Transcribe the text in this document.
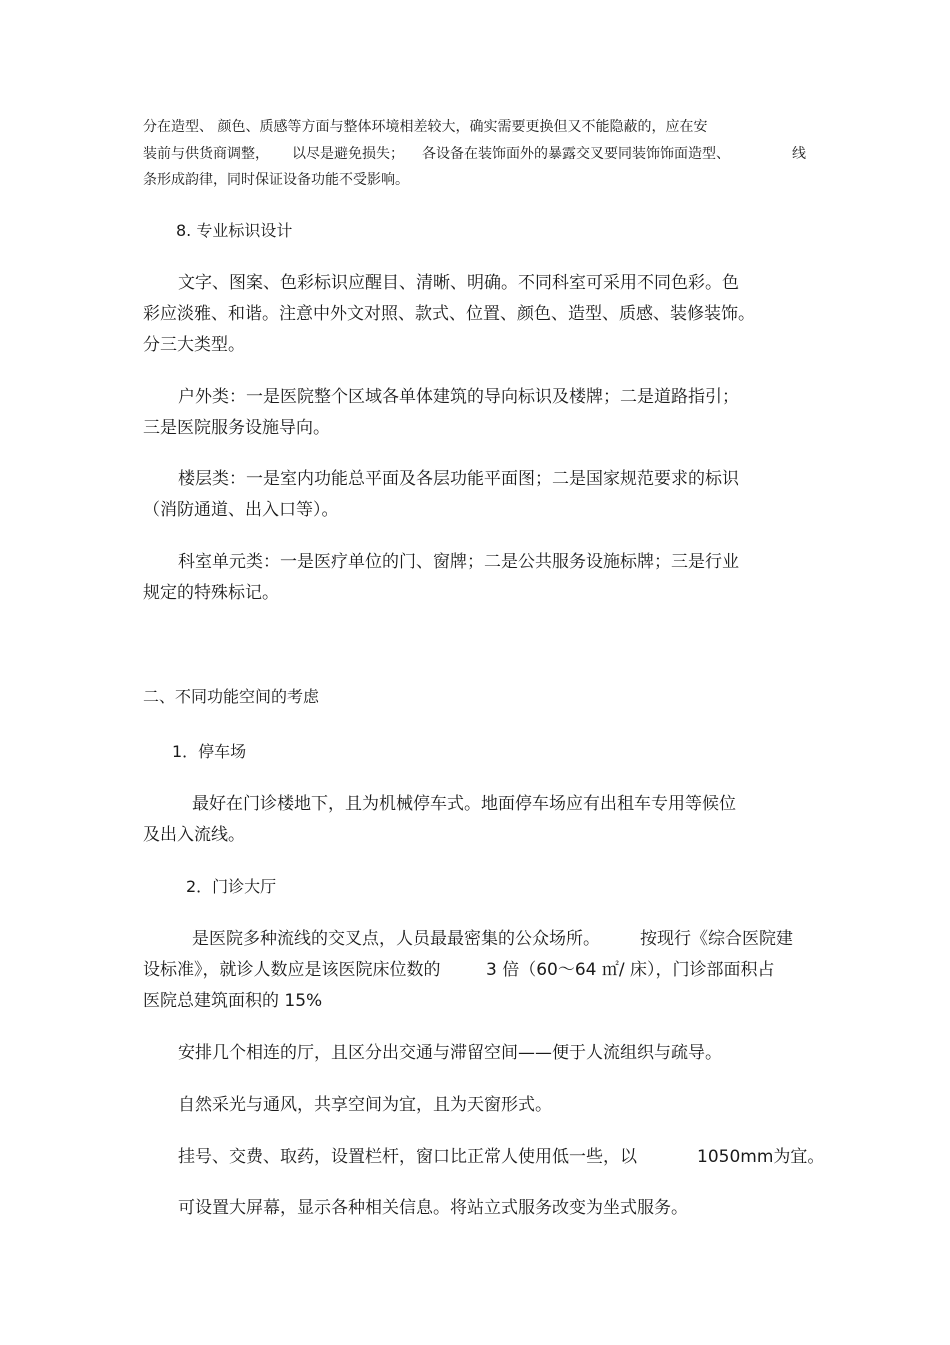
分在造型、 颜色、质感等方面与整体环境相差较大，确实需要更换但又不能隐蔽的，应在安
装前与供货商调整， 以尽是避免损失； 各设备在装饰面外的暴露交叉要同装饰饰面造型、	线
条形成韵律，同时保证设备功能不受影响。
8. 专业标识设计
文字、图案、色彩标识应醒目、清晰、明确。不同科室可采用不同色彩。色
彩应淡雅、和谐。注意中外文对照、款式、位置、颜色、造型、质感、装修装饰。
分三大类型。
户外类：一是医院整个区域各单体建筑的导向标识及楼牌；二是道路指引；
三是医院服务设施导向。
楼层类：一是室内功能总平面及各层功能平面图；二是国家规范要求的标识
（消防通道、出入口等）。
科室单元类：一是医疗单位的门、窗牌；二是公共服务设施标牌；三是行业
规定的特殊标记。
二、不同功能空间的考虑
1．停车场
最好在门诊楼地下，且为机械停车式。地面停车场应有出租车专用等候位
及出入流线。
2．门诊大厅
是医院多种流线的交叉点，人员最最密集的公众场所。 按现行《综合医院建
设标准》，就诊人数应是该医院床位数的	3 倍（60～64 ㎡/ 床），门诊部面积占
医院总建筑面积的 15%
安排几个相连的厅，且区分出交通与滞留空间——便于人流组织与疏导。
自然采光与通风，共享空间为宜，且为天窗形式。
挂号、交费、取药，设置栏杆，窗口比正常人使用低一些，以	1050mm为宜。
可设置大屏幕，显示各种相关信息。将站立式服务改变为坐式服务。
